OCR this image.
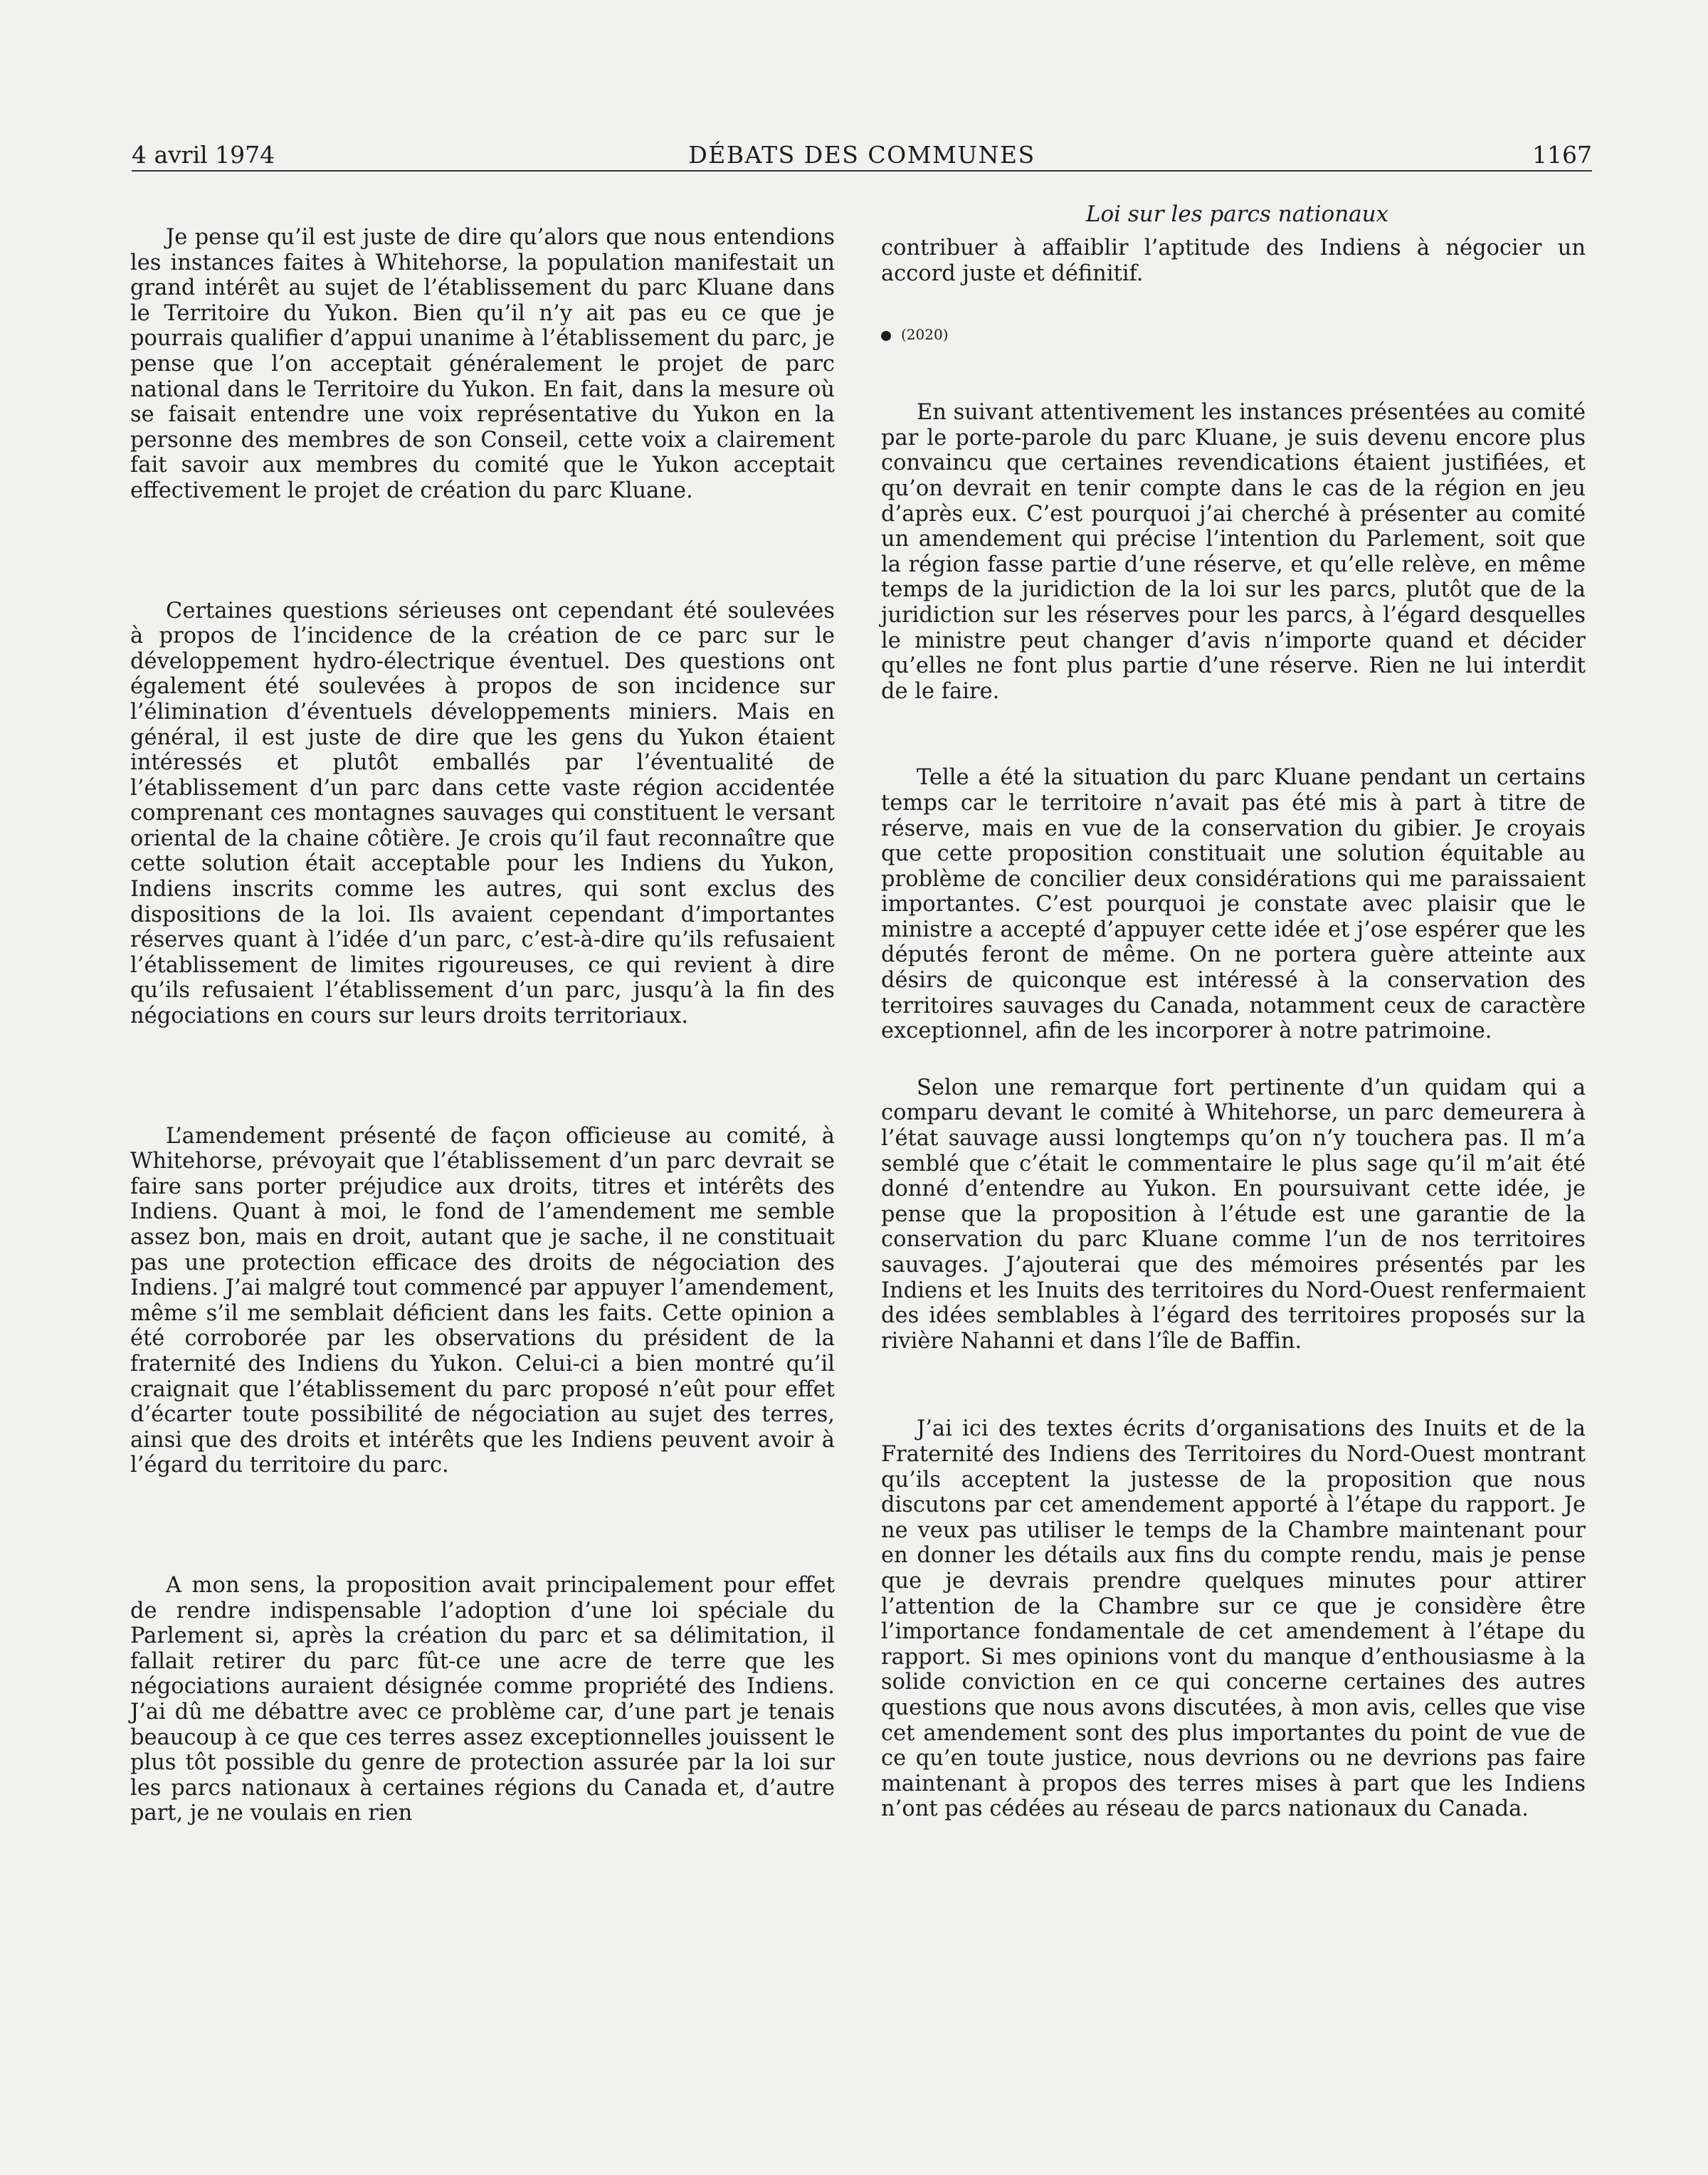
4 avril 1974	DÉBATS DES COMMUNES	1167
Loi sur les parcs nationaux

Je pense qu’il est juste de dire qu’alors que nous entendions les instances faites à Whitehorse, la population manifestait un grand intérêt au sujet de l’établissement du parc Kluane dans le Territoire du Yukon. Bien qu’il n’y ait pas eu ce que je pourrais qualifier d’appui unanime à l’établissement du parc, je pense que l’on acceptait généralement le projet de parc national dans le Territoire du Yukon. En fait, dans la mesure où se faisait entendre une voix représentative du Yukon en la personne des membres de son Conseil, cette voix a clairement fait savoir aux membres du comité que le Yukon acceptait effectivement le projet de création du parc Kluane.

Certaines questions sérieuses ont cependant été soulevées à propos de l’incidence de la création de ce parc sur le développement hydro-électrique éventuel. Des questions ont également été soulevées à propos de son incidence sur l’élimination d’éventuels développements miniers. Mais en général, il est juste de dire que les gens du Yukon étaient intéressés et plutôt emballés par l’éventualité de l’établissement d’un parc dans cette vaste région accidentée comprenant ces montagnes sauvages qui constituent le versant oriental de la chaine côtière. Je crois qu’il faut reconnaître que cette solution était acceptable pour les Indiens du Yukon, Indiens inscrits comme les autres, qui sont exclus des dispositions de la loi. Ils avaient cependant d’importantes réserves quant à l’idée d’un parc, c’est-à-dire qu’ils refusaient l’établissement de limites rigoureuses, ce qui revient à dire qu’ils refusaient l’établissement d’un parc, jusqu’à la fin des négociations en cours sur leurs droits territoriaux.

L’amendement présenté de façon officieuse au comité, à Whitehorse, prévoyait que l’établissement d’un parc devrait se faire sans porter préjudice aux droits, titres et intérêts des Indiens. Quant à moi, le fond de l’amendement me semble assez bon, mais en droit, autant que je sache, il ne constituait pas une protection efficace des droits de négociation des Indiens. J’ai malgré tout commencé par appuyer l’amendement, même s’il me semblait déficient dans les faits. Cette opinion a été corroborée par les observations du président de la fraternité des Indiens du Yukon. Celui-ci a bien montré qu’il craignait que l’établissement du parc proposé n’eût pour effet d’écarter toute possibilité de négociation au sujet des terres, ainsi que des droits et intérêts que les Indiens peuvent avoir à l’égard du territoire du parc.

A mon sens, la proposition avait principalement pour effet de rendre indispensable l’adoption d’une loi spéciale du Parlement si, après la création du parc et sa délimitation, il fallait retirer du parc fût-ce une acre de terre que les négociations auraient désignée comme propriété des Indiens. J’ai dû me débattre avec ce problème car, d’une part je tenais beaucoup à ce que ces terres assez exceptionnelles jouissent le plus tôt possible du genre de protection assurée par la loi sur les parcs nationaux à certaines régions du Canada et, d’autre part, je ne voulais en rien

contribuer à affaiblir l’aptitude des Indiens à négocier un accord juste et définitif.

(2020)

En suivant attentivement les instances présentées au comité par le porte-parole du parc Kluane, je suis devenu encore plus convaincu que certaines revendications étaient justifiées, et qu’on devrait en tenir compte dans le cas de la région en jeu d’après eux. C’est pourquoi j’ai cherché à présenter au comité un amendement qui précise l’intention du Parlement, soit que la région fasse partie d’une réserve, et qu’elle relève, en même temps de la juridiction de la loi sur les parcs, plutôt que de la juridiction sur les réserves pour les parcs, à l’égard desquelles le ministre peut changer d’avis n’importe quand et décider qu’elles ne font plus partie d’une réserve. Rien ne lui interdit de le faire.

Telle a été la situation du parc Kluane pendant un certains temps car le territoire n’avait pas été mis à part à titre de réserve, mais en vue de la conservation du gibier. Je croyais que cette proposition constituait une solution équitable au problème de concilier deux considérations qui me paraissaient importantes. C’est pourquoi je constate avec plaisir que le ministre a accepté d’appuyer cette idée et j’ose espérer que les députés feront de même. On ne portera guère atteinte aux désirs de quiconque est intéressé à la conservation des territoires sauvages du Canada, notamment ceux de caractère exceptionnel, afin de les incorporer à notre patrimoine.

Selon une remarque fort pertinente d’un quidam qui a comparu devant le comité à Whitehorse, un parc demeurera à l’état sauvage aussi longtemps qu’on n’y touchera pas. Il m’a semblé que c’était le commentaire le plus sage qu’il m’ait été donné d’entendre au Yukon. En poursuivant cette idée, je pense que la proposition à l’étude est une garantie de la conservation du parc Kluane comme l’un de nos territoires sauvages. J’ajouterai que des mémoires présentés par les Indiens et les Inuits des territoires du Nord-Ouest renfermaient des idées semblables à l’égard des territoires proposés sur la rivière Nahanni et dans l’île de Baffin.

J’ai ici des textes écrits d’organisations des Inuits et de la Fraternité des Indiens des Territoires du Nord-Ouest montrant qu’ils acceptent la justesse de la proposition que nous discutons par cet amendement apporté à l’étape du rapport. Je ne veux pas utiliser le temps de la Chambre maintenant pour en donner les détails aux fins du compte rendu, mais je pense que je devrais prendre quelques minutes pour attirer l’attention de la Chambre sur ce que je considère être l’importance fondamentale de cet amendement à l’étape du rapport. Si mes opinions vont du manque d’enthousiasme à la solide conviction en ce qui concerne certaines des autres questions que nous avons discutées, à mon avis, celles que vise cet amendement sont des plus importantes du point de vue de ce qu’en toute justice, nous devrions ou ne devrions pas faire maintenant à propos des terres mises à part que les Indiens n’ont pas cédées au réseau de parcs nationaux du Canada.
